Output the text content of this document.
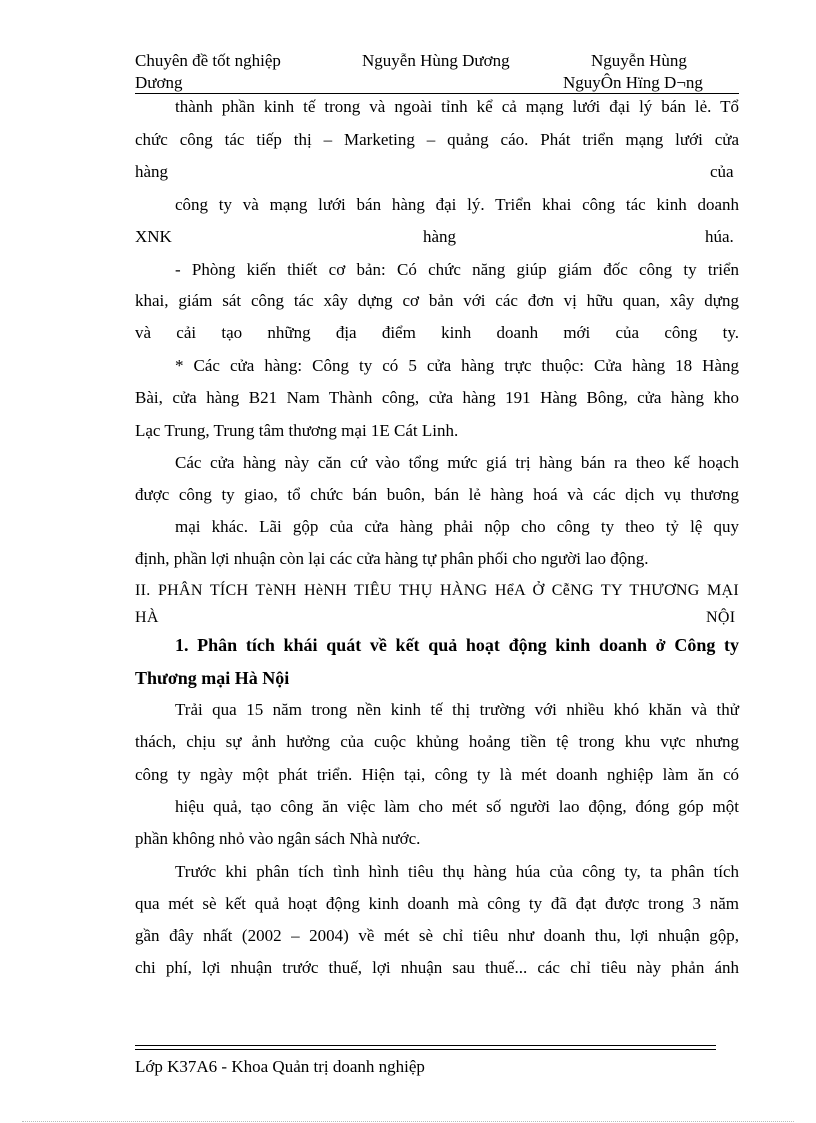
Chuyên đề tốt nghiệp
Dương
Nguyễn Hùng Dương	Nguyễn Hùng
NguyÔn Hïng D¬ng
thành phần kinh tế trong và ngoài tỉnh kể cả mạng lưới đại lý bán lẻ. Tổ
chức công tác tiếp thị – Marketing – quảng cáo. Phát triển mạng lưới cửa
hàng	của
công ty và mạng lưới bán hàng đại lý. Triển khai công tác kinh doanh
XNK	hàng	húa.
- Phòng kiến thiết cơ bản: Có chức năng giúp giám đốc công ty triển
khai, giám sát công tác xây dựng cơ bản với các đơn vị hữu quan, xây dựng
và cải tạo những địa điểm kinh doanh mới của công ty.
* Các cửa hàng: Công ty có 5 cửa hàng trực thuộc: Cửa hàng 18 Hàng
Bài, cửa hàng B21 Nam Thành công, cửa hàng 191 Hàng Bông, cửa hàng kho
Lạc Trung, Trung tâm thương mại 1E Cát Linh.
Các cửa hàng này căn cứ vào tổng mức giá trị hàng bán ra theo kế hoạch
được công ty giao, tổ chức bán buôn, bán lẻ hàng hoá và các dịch vụ thương
mại khác. Lãi gộp của cửa hàng phải nộp cho công ty theo tỷ lệ quy
định, phần lợi nhuận còn lại các cửa hàng tự phân phối cho người lao động.
II. PHÂN TÍCH TèNH HèNH TIÊU THỤ HÀNG HểA Ở CễNG TY THƯƠNG MẠI
HÀ	NỘI
1. Phân tích khái quát về kết quả hoạt động kinh doanh ở Công ty
Thương mại Hà Nội
Trải qua 15 năm trong nền kinh tế thị trường với nhiều khó khăn và thử
thách, chịu sự ảnh hưởng của cuộc khủng hoảng tiền tệ trong khu vực nhưng
công ty ngày một phát triển. Hiện tại, công ty là mét doanh nghiệp làm ăn có
hiệu quả, tạo công ăn việc làm cho mét số người lao động, đóng góp một
phần không nhỏ vào ngân sách Nhà nước.
Trước khi phân tích tình hình tiêu thụ hàng húa của công ty, ta phân tích
qua mét sè kết quả hoạt động kinh doanh mà công ty đã đạt được trong 3 năm
gần đây nhất (2002 – 2004) về mét sè chỉ tiêu như doanh thu, lợi nhuận gộp,
chi phí, lợi nhuận trước thuế, lợi nhuận sau thuế... các chỉ tiêu này phản ánh
Lớp K37A6 - Khoa Quản trị doanh nghiệp
